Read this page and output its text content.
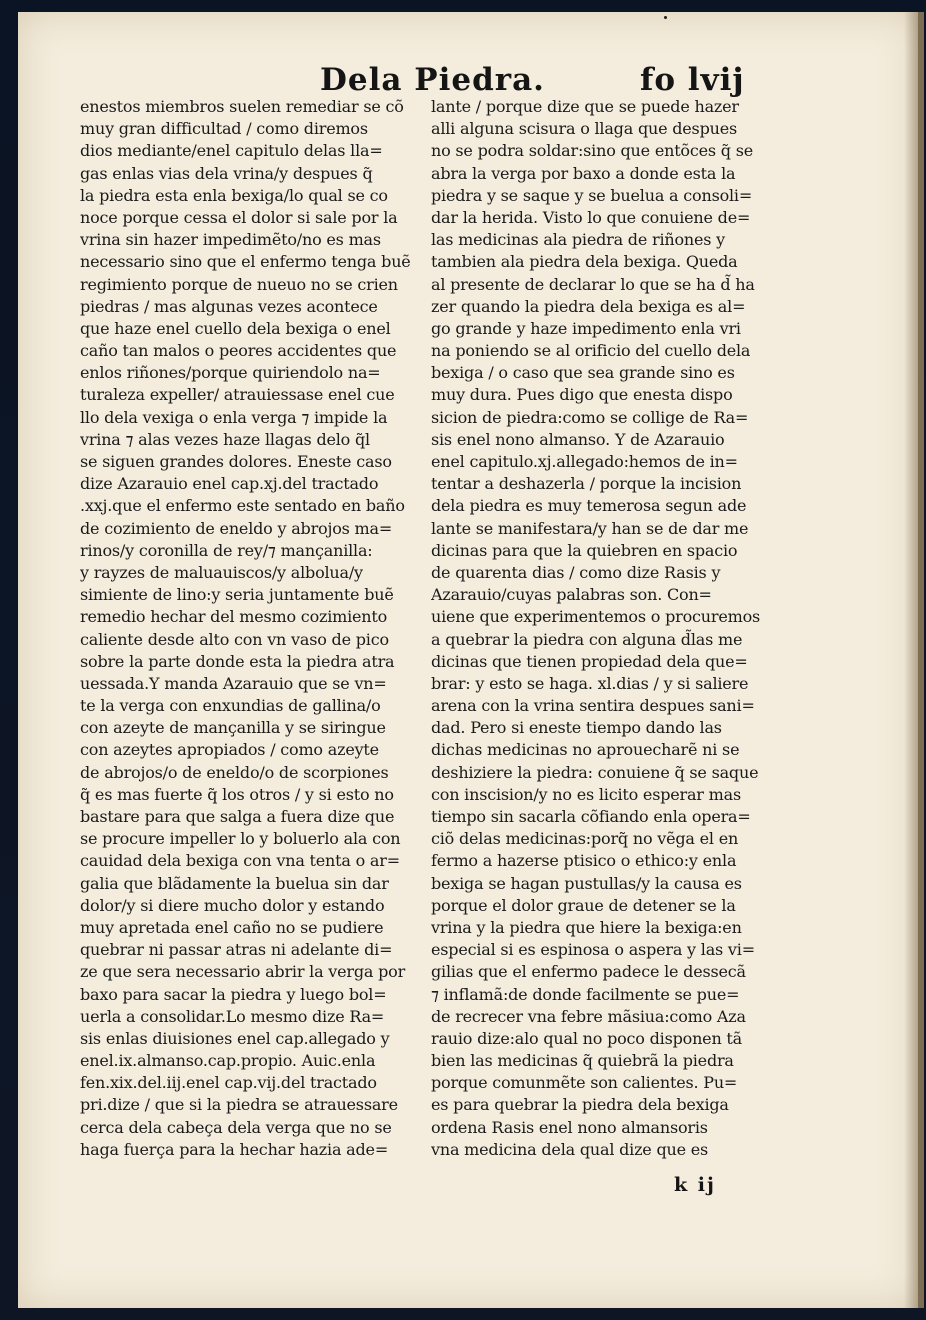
Dela Piedra.	fo lvij
enestos miembros suelen remediar se cõ
muy gran difficultad / como diremos
dios mediante/enel capitulo delas lla=
gas enlas vias dela vrina/y despues q̃
la piedra esta enla bexiga/lo qual se co
noce porque cessa el dolor si sale por la
vrina sin hazer impedimẽto/no es mas
necessario sino que el enfermo tenga buẽ
regimiento porque de nueuo no se crien
piedras / mas algunas vezes acontece
que haze enel cuello dela bexiga o enel
caño tan malos o peores accidentes que
enlos riñones/porque quiriendolo na=
turaleza expeller/ atrauiessase enel cue
llo dela vexiga o enla verga ⁊ impide la
vrina ⁊ alas vezes haze llagas delo q̃l
se siguen grandes dolores. Eneste caso
dize Azarauio enel cap.xj.del tractado
.xxj.que el enfermo este sentado en baño
de cozimiento de eneldo y abrojos ma=
rinos/y coronilla de rey/⁊ mançanilla:
y rayzes de maluauiscos/y albolua/y
simiente de lino:y seria juntamente buẽ
remedio hechar del mesmo cozimiento
caliente desde alto con vn vaso de pico
sobre la parte donde esta la piedra atra
uessada.Y manda Azarauio que se vn=
te la verga con enxundias de gallina/o
con azeyte de mançanilla y se siringue
con azeytes apropiados / como azeyte
de abrojos/o de eneldo/o de scorpiones
q̃ es mas fuerte q̃ los otros / y si esto no
bastare para que salga a fuera dize que
se procure impeller lo y boluerlo ala con
cauidad dela bexiga con vna tenta o ar=
galia que blãdamente la buelua sin dar
dolor/y si diere mucho dolor y estando
muy apretada enel caño no se pudiere
quebrar ni passar atras ni adelante di=
ze que sera necessario abrir la verga por
baxo para sacar la piedra y luego bol=
uerla a consolidar.Lo mesmo dize Ra=
sis enlas diuisiones enel cap.allegado y
enel.ix.almanso.cap.propio. Auic.enla
fen.xix.del.iij.enel cap.vij.del tractado
pri.dize / que si la piedra se atrauessare
cerca dela cabeça dela verga que no se
haga fuerça para la hechar hazia ade=
lante / porque dize que se puede hazer
alli alguna scisura o llaga que despues
no se podra soldar:sino que entõces q̃ se
abra la verga por baxo a donde esta la
piedra y se saque y se buelua a consoli=
dar la herida. Visto lo que conuiene de=
las medicinas ala piedra de riñones y
tambien ala piedra dela bexiga. Queda
al presente de declarar lo que se ha d̃ ha
zer quando la piedra dela bexiga es al=
go grande y haze impedimento enla vri
na poniendo se al orificio del cuello dela
bexiga / o caso que sea grande sino es
muy dura. Pues digo que enesta dispo
sicion de piedra:como se collige de Ra=
sis enel nono almanso. Y de Azarauio
enel capitulo.xj.allegado:hemos de in=
tentar a deshazerla / porque la incision
dela piedra es muy temerosa segun ade
lante se manifestara/y han se de dar me
dicinas para que la quiebren en spacio
de quarenta dias / como dize Rasis y
Azarauio/cuyas palabras son. Con=
uiene que experimentemos o procuremos
a quebrar la piedra con alguna d̃las me
dicinas que tienen propiedad dela que=
brar: y esto se haga. xl.dias / y si saliere
arena con la vrina sentira despues sani=
dad. Pero si eneste tiempo dando las
dichas medicinas no aprouecharẽ ni se
deshiziere la piedra: conuiene q̃ se saque
con inscision/y no es licito esperar mas
tiempo sin sacarla cõfiando enla opera=
ciõ delas medicinas:porq̃ no vẽga el en
fermo a hazerse ptisico o ethico:y enla
bexiga se hagan pustullas/y la causa es
porque el dolor graue de detener se la
vrina y la piedra que hiere la bexiga:en
especial si es espinosa o aspera y las vi=
gilias que el enfermo padece le dessecã
⁊ inflamã:de donde facilmente se pue=
de recrecer vna febre mãsiua:como Aza
rauio dize:alo qual no poco disponen tã
bien las medicinas q̃ quiebrã la piedra
porque comunmẽte son calientes. Pu=
es para quebrar la piedra dela bexiga
ordena Rasis enel nono almansoris
vna medicina dela qual dize que es
k ij
